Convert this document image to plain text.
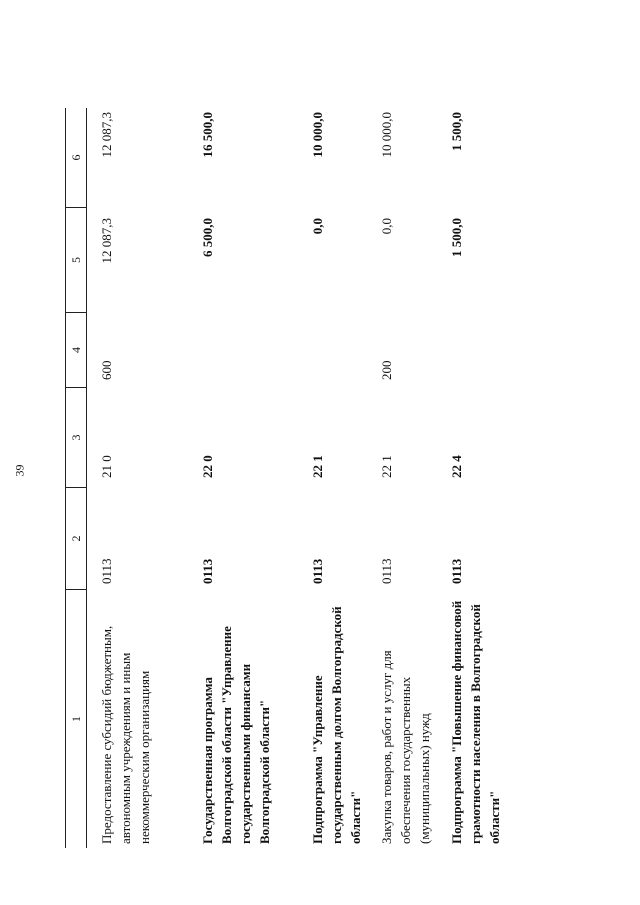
39
1
2
3
4
5
6
Предоставление субсидий бюджетным, автономным учреждениям и иным некоммерческим организациям
0113
21 0
600
12 087,3
12 087,3
Государственная программа Волгоградской области "Управление государственными финансами Волгоградской области"
0113
22 0
6 500,0
16 500,0
Подпрограмма "Управление государственным долгом Волгоградской области"
0113
22 1
0,0
10 000,0
Закупка товаров, работ и услуг для обеспечения государственных (муниципальных) нужд
0113
22 1
200
0,0
10 000,0
Подпрограмма "Повышение финансовой грамотности населения в Волгоградской области"
0113
22 4
1 500,0
1 500,0
